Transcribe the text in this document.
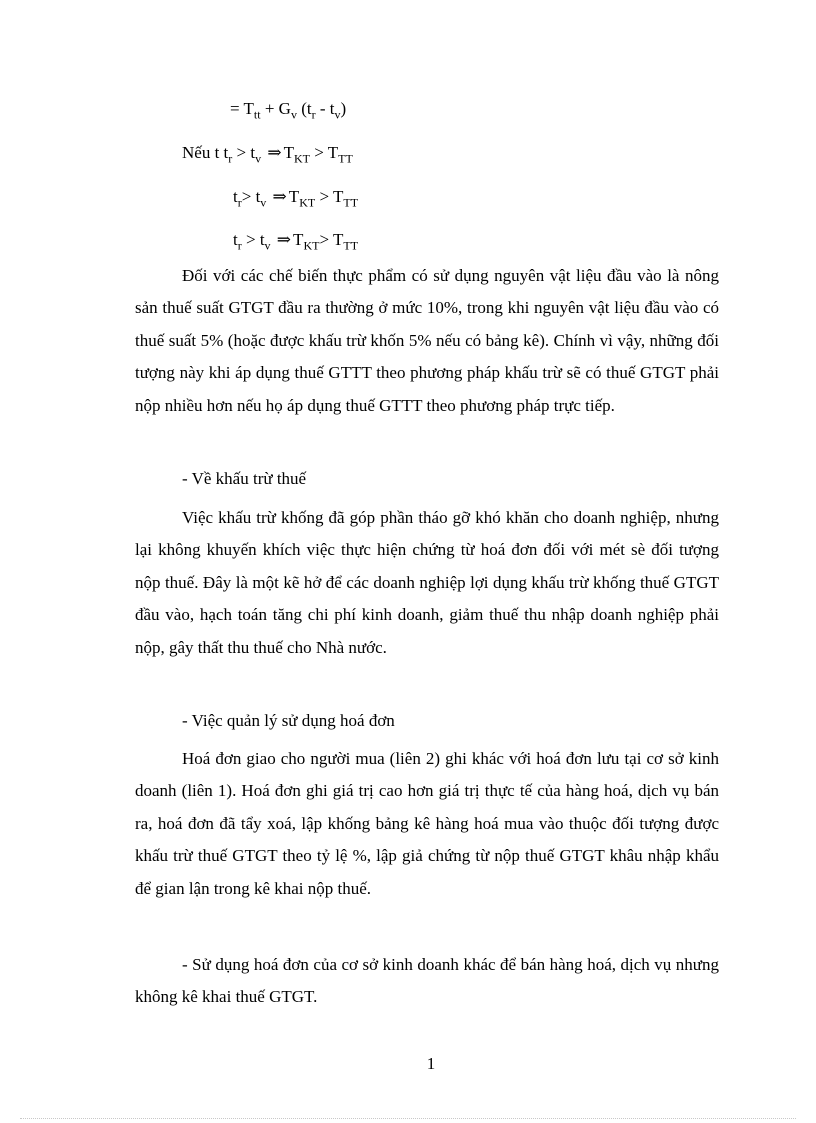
= $T_{tt} + G_v$ $(t_r - t_v)$
Nếu t $t_r > t_v$ ⇒ $T_{KT} > T_{TT}$
$t_r> t_v$ ⇒ $T_{KT} > T_{TT}$
$t_r > t_v$ ⇒ $T_{KT}> T_{TT}$

Đối với các chế biến thực phẩm có sử dụng nguyên vật liệu đầu vào là nông sản thuế suất GTGT đầu ra thường ở mức 10%, trong khi nguyên vật liệu đầu vào có thuế suất 5% (hoặc được khấu trừ khốn 5% nếu có bảng kê). Chính vì vậy, những đối tượng này khi áp dụng thuế GTTT theo phương pháp khấu trừ sẽ có thuế GTGT phải nộp nhiều hơn nếu họ áp dụng thuế GTTT theo phương pháp trực tiếp.

- Về khấu trừ thuế

Việc khấu trừ khống đã góp phần tháo gỡ khó khăn cho doanh nghiệp, nhưng lại không khuyến khích việc thực hiện chứng từ hoá đơn đối với mét sè đối tượng nộp thuế. Đây là một kẽ hở để các doanh nghiệp lợi dụng khấu trừ khống thuế GTGT đầu vào, hạch toán tăng chi phí kinh doanh, giảm thuế thu nhập doanh nghiệp phải nộp, gây thất thu thuế cho Nhà nước.

- Việc quản lý sử dụng hoá đơn

Hoá đơn giao cho người mua (liên 2) ghi khác với hoá đơn lưu tại cơ sở kinh doanh (liên 1). Hoá đơn ghi giá trị cao hơn giá trị thực tế của hàng hoá, dịch vụ bán ra, hoá đơn đã tẩy xoá, lập khống bảng kê hàng hoá mua vào thuộc đối tượng được khấu trừ thuế GTGT theo tỷ lệ %, lập giả chứng từ nộp thuế GTGT khâu nhập khẩu để gian lận trong kê khai nộp thuế.

- Sử dụng hoá đơn của cơ sở kinh doanh khác để bán hàng hoá, dịch vụ nhưng không kê khai thuế GTGT.

1
